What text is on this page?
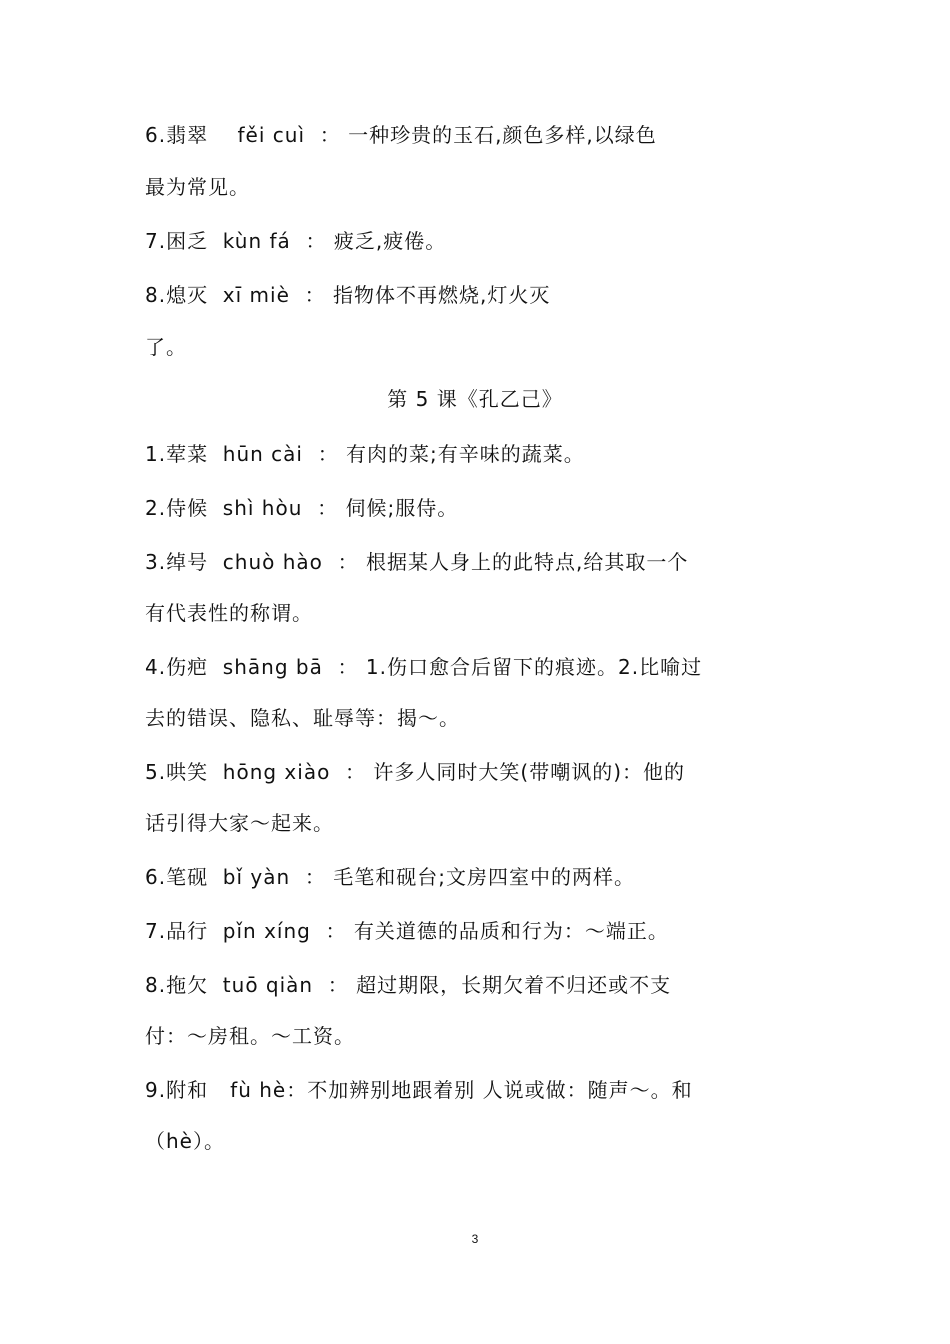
6.翡翠    fěi cuì  ： 一种珍贵的玉石,颜色多样,以绿色
最为常见。
7.困乏  kùn fá  ： 疲乏,疲倦。
8.熄灭  xī miè  ： 指物体不再燃烧,灯火灭
了。
第 5 课《孔乙己》
1.荤菜  hūn cài  ： 有肉的菜;有辛味的蔬菜。
2.侍候  shì hòu  ： 伺候;服侍。
3.绰号  chuò hào  ： 根据某人身上的此特点,给其取一个
有代表性的称谓。
4.伤疤  shāng bā  ： 1.伤口愈合后留下的痕迹。2.比喻过
去的错误、隐私、耻辱等：揭～。
5.哄笑  hōng xiào  ： 许多人同时大笑(带嘲讽的)：他的
话引得大家～起来。
6.笔砚  bǐ yàn  ： 毛笔和砚台;文房四室中的两样。
7.品行  pǐn xíng  ： 有关道德的品质和行为：～端正。
8.拖欠  tuō qiàn  ： 超过期限，长期欠着不归还或不支
付：～房租。～工资。
9.附和   fù hè：不加辨别地跟着别 人说或做：随声～。和
（hè）。
3
